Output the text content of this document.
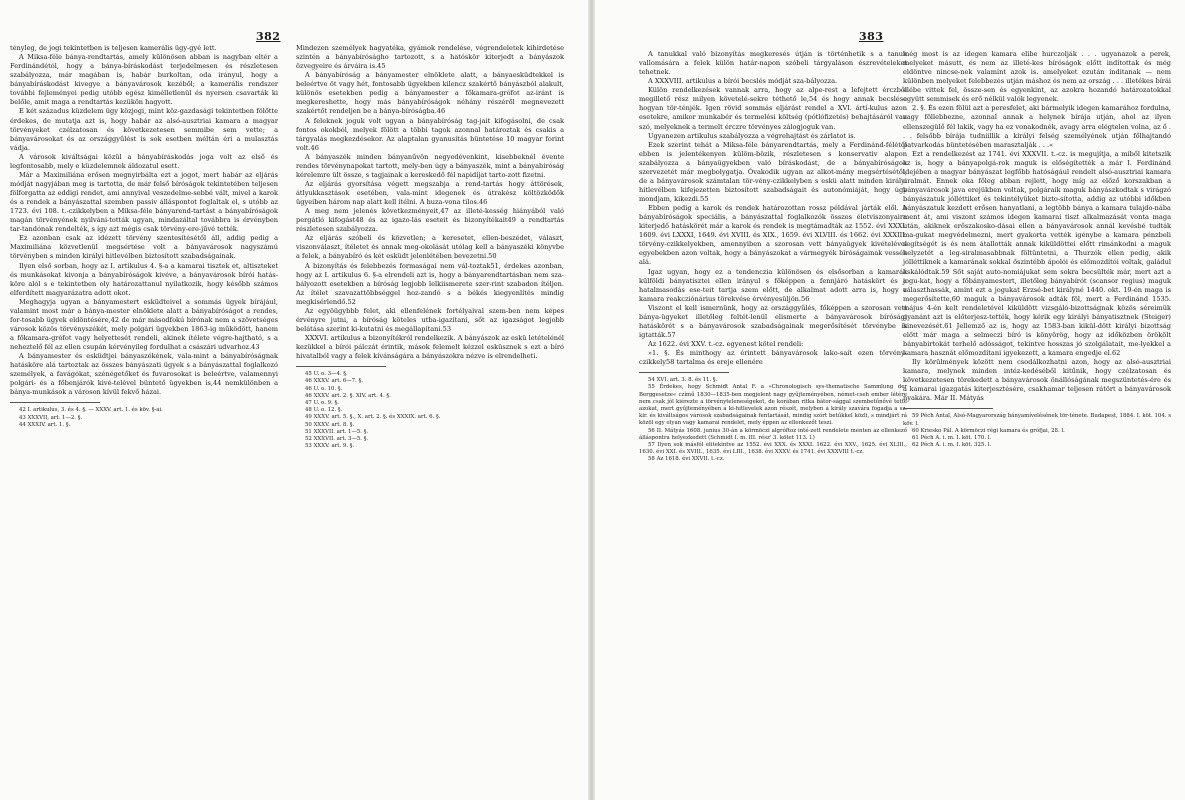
382

tényleg, de jogi tekintetben is teljesen kamerális ügy-gyé lett.

A Miksa-féle bánya-rendtartás, amely különösen abban is nagyban eltér a Ferdinándétól, hogy a bánya-bíráskodást terjedelmesen és részletesen szabályozza, már magában is, habár burkoltan, oda irányul, hogy a bányabíráskodást kivegye a bányavárosok kezéből; a kamerális rendszer további fejleményei pedig utóbb egész kimélletlenül és nyersen csavarták ki belőle, amit maga a rendtartás kezükön hagyott.

E két századus küzdelem ügy közjogi, mint köz-gazdasági tekintetben fölötte érdekes, de mutatja azt is, hogy habár az alsó-ausztriai kamara a magyar törvényeket czélzatosan és következetesen semmibe sem vette; a bányavárosokat és az országgyűlést is sok esetben méltán éri a mulasztás vádja.

A városok kiváltságai közül a bányabíráskodás joga volt az első és legfontosabb, mely e küzdelemnek áldozatul esett.

Már a Maximiliána erősen megnyirbálta ezt a jogot, mert habár az eljárás módját nagyjában meg is tartotta, de már felső bíróságok tekintetében teljesen fölforgatta az eddigi rendet, ami annyival veszedelme-sebbé vált, mivel a karok és a rendek a bányászattal szemben passiv álláspontot foglaltak el, s utóbb az 1723. évi 108. t.-czikkelyben a Miksa-féle bányarend-tartást a bányabíróságok magán törvényének nyilváni-tották ugyan, mindazáltal továbbra is érvényben tar-tandónak rendelték, s így azt mégis csak törvény-ere-jűvé tették.

Ez azonban csak az idézett törvény szentesítésétől áll, addig pedig a Maximiliána közvetlenül megsértése volt a bányavárosok nagyszámú törvényben s minden királyi hitlevélben biztosított szabadságainak.

Ilyen első sorban, hogy az I. artikulus 4. §-a a kamarai tisztek et, altiszteket és munkásokat kivonja a bányabíróságok kivéve, a bányavárosok bírói hatás-köre alól s e tekintetben oly határozattanul nyilatkozik, hogy később számos elferdített magyarázatra adott okot.

Meghagyja ugyan a bányamestert esküdteivel a sommás ügyek bírájául, valamint most már a bánya-mester elnöklete alatt a bányabíróságot a rendes, for-tosabb ügyek eldöntésére,42 de már másodfokú bírónak nem a szövetséges városok közös törvényszékét, mely polgári ügyekben 1863-ig működött, hanem a főkamara-grófot vagy helyettesét rendeli, akinek ítélete végre-hajtható, s a neheztelő fél az ellen csupán kérvényileg fordulhat a császári udvarhoz.43

A bányamester és esküdtjei bányaszékének, vala-mint a bányabíróságnak hatásköre alá tartoztak az összes bányászati ügyek s a bányászattal foglalkozó személyek, a favágókat, szénégetőket és fuvarosokat is beleértve, valamennyi polgári- és a főbenjárók kivé-telével büntető ügyekben is,44 nemkülönben a bánya-munkások a városon kívül fekvő házai.

42 I. artikulus, 3. és 4. §. — XXXV. art. 1. és köv. §-ai.

43 XXXVII, art. 1—2. §.

44 XXXIV. art. 1. §.

Mindezen személyek hagyatéka, gyámok rendelése, végrendeletek kihirdetése szintén a bányabíróságho tartozott, s a hatóskör kiterjedt a bányászok özvegyeire és árváira is.45

A bányabíróság a bányamester elnöklete alatt, a bányaesküdtekkel is beleértve öt vagy hét, fontosabb ügyekben kilencz szakértő bányászból alakult, különös esetekben pedig a bányamester a főkamara-grófot az-iránt is megkereshette, hogy más bányabíróságok néhány részéről megnevezett szakértőt rendeljen be a bánya-bíróságba.46

A feleknek joguk volt ugyan a bányabíróság tag-jait kifogásolni, de csak fontos okokból, melyek fölött a többi tagok azonnal határoztak és csakis a tárgyalás megkezdésekor. Az alaptalan gyanusítás büntetése 10 magyar forint volt.46

A bányaszék minden bányanűvön negyedévenkint, kisebbeknél évente rendes törvénynapokat tartott, mely-ben úgy a bányaszék, mint a bányabíróság kérelemre ült össze, s tagjainak a kereskedő fél napidíjat tarto-zott fizetni.

Az eljárás gyorsítása végett megszabja a rend-tartás hogy áttörések, átlyukkasztások esetében, vala-mint idegenek és útrakész költözködők ügyeiben három nap alatt kell ítélni. A huza-vona tilos.46

A meg nem jelenés következményeit,47 az illeté-kesség hiányából való pergátló kifogást48 és az igazo-lás eseteit és bizonyítékait49 a rendtartás részletesen szabályozza.

Az eljárás szóbeli és közvetlen; a keresetet, ellen-beszédet, választ, viszonválaszt, ítéletet és annak meg-okolását utólag kell a bányaszéki könyvbe a felek, a bányabíró és két esküdt jelenlétében bevezetni.50

A bizonyítás és felebbezés formaságai nem vál-toztak51, érdekes azonban, hogy az I. artikulus 6. §-a elrendeli azt is, hogy a bányarendtartásban nem sza-bályozott esetekben a bíróság legjobb lelkiismerete szer-rint szabadon ítéljen. Az ítélet szavazattöbbséggel hoz-zandó s a békés kiegyenlítés mindig megkísérlendő.52

Az egyöügybbb felet, aki ellenfelének fortélyaival szem-ben nem képes érvényre jutni, a bíróság köteles utba-igazítani, sőt az igazságot legjobb belátása szerint ki-kutatni és megállapítani.53

XXXVI. artikulus a bizonyítékról rendelkezik. A bányászok az eskü letételénél kezükkel a bírói pálczát érintik, mások felemelt kézzel esküsznek s ezt a bíró hivatalból vagy a felek kívánságára a bányászokra nézve is elrendelheti.

45 U. o. 3—4. §.

46 XXXV. art. 6—7. §.

46 U. o. 10. §.

46 XXXV. art. 2. §. XIV. art. 4. §.

47 U. o. 9. §.

48 U. o. 12. §.

49 XXXV. art. 5. §., X. art. 2. §. és XXXIX. art. 6. §.

50 XXXV. art. 8. §.

51 XXXVII. art. 1—5. §.

52 XXXVII. art. 3—5. §.

53 XXXV. art. 9. §.

383

A tanukkal való bizonyítás megkeresés útján is történhetik s a tanuk vallomására a felek külön határ-napon szóbeli tárgyaláson észrevételeket tehetnek.

A XXXVIII. artikulus a bírói becslés módját sza-bályozza.

Külön rendelkezések vannak arra, hogy az alpe-rest a lefejtett érczből megillető rész milyen követelé-sekre téthető le,54 és hogy annak becslése hogyan tör-ténjék. Igen rövid sommás eljárást rendel a XVI. ártí-kulus azon esetekre, amikor munkabér és termelési költség (pótlófizetés) behajtásáról van szó, melyeknek a termelt érczre törvényes zálogjoguk van.

Ugyanezen artikulus szabályozza a végrehajtást és zárlatot is.

Ezek szerint tehát a Miksa-féle bányarendtartás, mely a Ferdinánd-félétől ebben is jelentékenyen külöm-bözik, részletesen s konservativ alapon szabályozza a bányaügyekben való bíráskodást, de a bányabíróságok szervezetét már megbolygatja. Óvakodik ugyan az alkot-mány megsértésétől, de a bányavárosok számtalan tör-vény-czikkelyben s eskü alatt minden királyi hitlevélben kifejezetten biztosított szabadságait és autonómiáját, hogy úgy mondjam, kikezdi.55

Ebben pedig a karok és rendek határozottan rossz példával járták elől. A bányabíróságok speciális, a bányászattal foglalkozók összes életviszonyaira kiterjedő hatáskörét már a karok és rendek is megtámadták az 1552. évi XXXI. 1609. évi LXXXI, 1649. évi XVIII. és XIX., 1659. évi XLVIII. és 1662. évi XXXIII. törvény-czikkelyekben, amennyiben a szorosan vett bányaügyek kivételével egyebekben azon voltak, hogy a bányászokat a vármegyék bíróságainak vessék alá.

Igaz ugyan, hogy ez a tendenczia különösen és elsősorban a kamarák külföldi bányatisztei ellen irányul s főképpen a fennjáró hatáskört és a hatalmasodás ese-teit tartja szem előtt, de alkalmat adott arra is, hogy a kamara reakcziónárius törekvése érvényesüljön.56

Viszont el kell ismernünk, hogy az országgyűlés, főképpen a szorosan vett bánya-ügyeket illetőleg feltét-lenül elismerte a bányavárosok bírósági hatáskörét s a bányavárosok szabadságainak megerősítését törvénybe is igtatták.57

Az 1622. évi XXV. t.-cz. egyenest kötel rendeli:

»1. §. És minthogy az érintett bányavárosok lako-saít ezen törvény-czikkely58 tartalma és ereje ellenére

54 XVI. art. 3. 8. és 11. §.

55 Érdekes, hogy Schmidt Antal F. a »Chronologisch sys-thematische Sammlung der Berggesetze« czímű 1830—1835-ben megjelent nagy gyűjteményében, német-cseh ember létére nem csak jól kiérezte a törvényteleneségeket, de korában ritka bátor-sággal szembetűnővé tette azokat, mert gyűjteményében a ki-hitlevelek azon részét, melyben a király szavára fogadja a sz. kir. és kiváltságos városok szabadságainak fentartását, mindig szórt betűkkel közli, s mindjárt rá közöl egy olyan vagy kamarai rendelet, mely éppen az ellenkezőt teszi.

56 II. Mátyás 1608. junius 30-án a körmöczi algróftoz inté-zett rendelete menten az ellenkező álláspontra helyezkedett (Schmidt I. m. III. rész' 3. kötet 113. l.)

57 Ilyen sok másfól elitekintve az 1552. évi XXX. és XXXI. 1622. évi XXV., 1625. évi XLIII., 1630. évi XXI. és XVIII., 1635. évi LIII., 1638. évi XXXV. és 1741. évi XXXVIII t.-cz.

58 Az 1618. évi XXVII. t.-cz.

még most is az idegen kamara elibe hurczolják . . . ugyanazok a perek, melyeket másutt, és nem az illeté-kes bíróságok előtt indítottak és még eldöntve nincse-nek valamint azok is. amelyeket ezután inditanak — nem különben melyeket felebbezés utján máshoz és nem az ország . . . illetékes bírái elébe vittek fel, össze-sen és egyenkint, az azokra hozandó határozatokkal együtt semmisek és erő nélkül valók legyenek.

2. §. És ezen fölül azt a peresfelet, aki bármelyik idegen kamarához fordulna, vagy föllebbezne, azonnal annak a helynek bírája utján, ahol az ilyen ellenszegülő fél lakik, vagy ha ez vonakodnék, avagy arra elégtelen volna, az ő . . . felsőbb bírája tudniillik a királyi felség személyének utján főlhajtandó patvarkodás büntetésében marasztalják . . .«

Ezt a rendelkezést az 1741. évi XXXVII. t.-cz. is megujítja, a miből kitetszik az is, hogy a bányapolgá-rok maguk is előségítették a már I. Ferdinánd idejében a magyar bányászat legfőbb hatóságául rendelt alsó-ausztriai kamara uralmát. Ennek oka főleg abban rejlett, hogy míg az előző korszakban a bányavárosok java erejükben voltak, polgáraik maguk bányászkodtak s virágzó bányászatuk jólléttiket és tekintélyüket bizto-sította, addig az utóbbi időkben bányászatuk kezdett erősen hanyatlani, a legtöbb bánya a kamara tulajdo-nába ment át, ami viszont számos idegen kamarai tiszt alkalmazását vonta maga után, akiknek erőszakosko-dásai ellen a bányavárosok annál kevésbé tudták ma-gukat megvédelmezni, mert gyakorta vették igénybe a kamara pénzbeli segítségét is és nem átallották annak kiküldöttei előtt rimánkodni a maguk helyzetét a leg-siralmasabbnak föltüntetni, a Thurzók ellen pedig, akik jólléttiknek a kamarának sokkal őszintébb ápolói és előmozdítói voltak, galádul áskálódtak.59 Sőt saját auto-nomiájukat sem sokra becsülték már, mert azt a jogu-kat, hogy a főbányamestert, illetőleg bányabírót (scansor regius) maguk választhassák, amint ezt a jogukat Erzsé-bet királyné 1440. okt. 19-én maga is megerősítette,60 maguk a bányavárosok adták föl, mert a Ferdinánd 1535. május 4-én kelt rendeletével kiküldött vizsgáló-bizottságnak közös séreimük gyanánt azt is előterjesz-tették, hogy kérik egy királyi bányatisztnek (Steiger) kinevezését.61 Jellemző az is, hogy az 1583-ban kikül-dött királyi bizottság előtt már maga a selmeczi bíró is könyörög, hogy az időközben örökölt bányabirtokát terhelő adósságot, tekintve hosszas jó szolgálatait, me-lyekkel a kamara hasznát előmozdítani igyekezett, a kamara engedje el.62

Ily körülmények között nem csodálkozhatni azon, hogy az alsó-ausztriai kamara, melynek minden intéz-kedéséből kitűnik, hogy czélzatosan és következetesen törekedett a bányavárosok önállóságának megszüntetés-ére és a kamarai igazgatás kiterjesztésére, csakhamar teljesen rátört a bányavárosok nyakára. Már II. Mátyás

59 Péch Antal, Alsó-Magyarország bányamívelésének tör-ténete. Budapest, 1884. I. köt. 104. s köv. l.

60 Kriesko Pál. A körmöczi régi kamara és grófjai, 28. l.

61 Péch A. i. m. I. köt. 170. l.

62 Péch A. i. m. I. köt. 325. l.
